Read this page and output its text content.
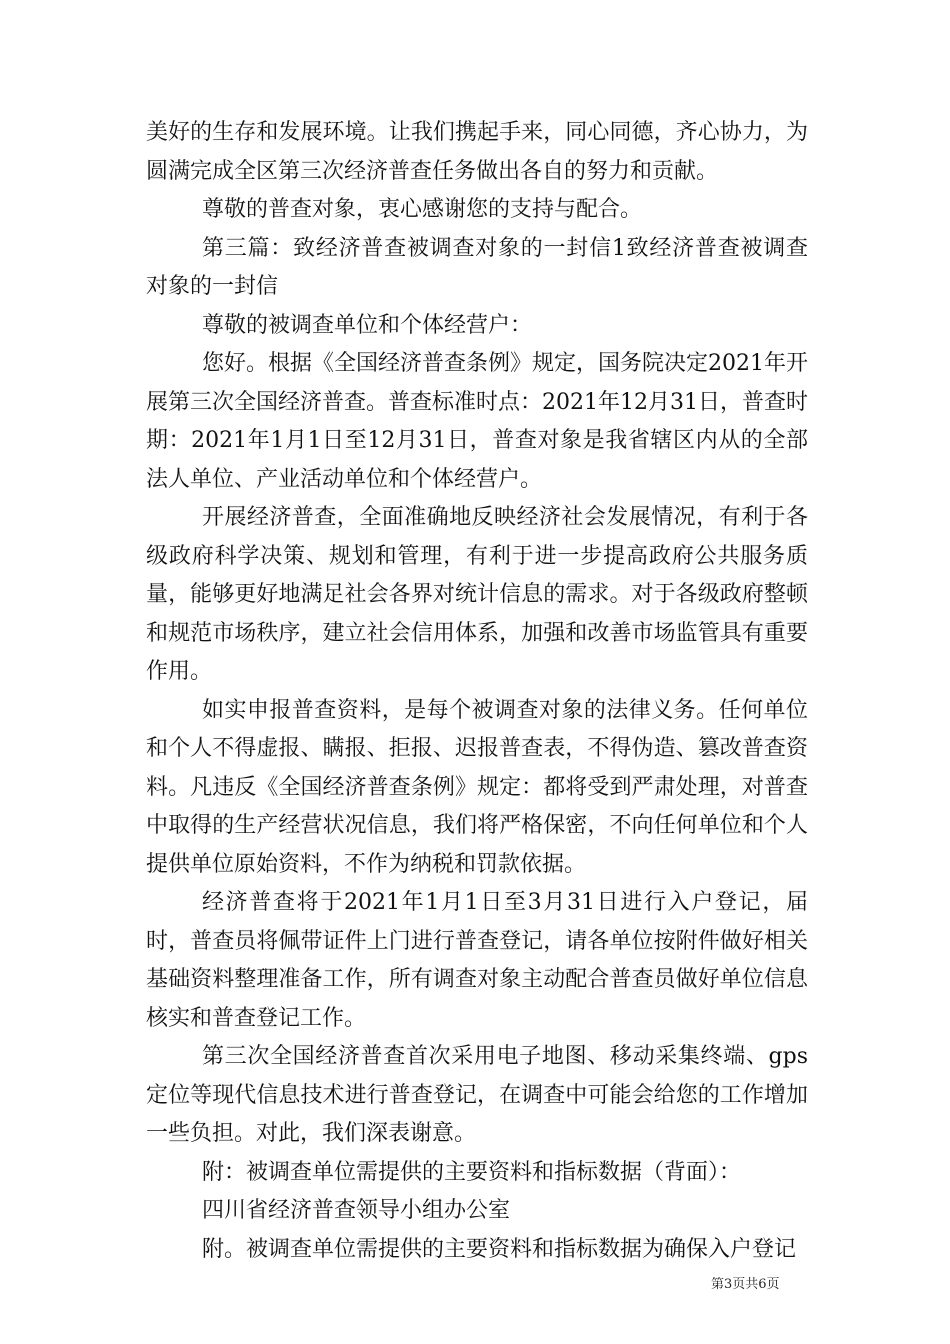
美好的生存和发展环境。让我们携起手来，同心同德，齐心协力，为圆满完成全区第三次经济普查任务做出各自的努力和贡献。

尊敬的普查对象，衷心感谢您的支持与配合。

第三篇：致经济普查被调查对象的一封信1致经济普查被调查对象的一封信

尊敬的被调查单位和个体经营户：

您好。根据《全国经济普查条例》规定，国务院决定2021年开展第三次全国经济普查。普查标准时点：2021年12月31日，普查时期：2021年1月1日至12月31日，普查对象是我省辖区内从的全部法人单位、产业活动单位和个体经营户。

开展经济普查，全面准确地反映经济社会发展情况，有利于各级政府科学决策、规划和管理，有利于进一步提高政府公共服务质量，能够更好地满足社会各界对统计信息的需求。对于各级政府整顿和规范市场秩序，建立社会信用体系，加强和改善市场监管具有重要作用。

如实申报普查资料，是每个被调查对象的法律义务。任何单位和个人不得虚报、瞒报、拒报、迟报普查表，不得伪造、篡改普查资料。凡违反《全国经济普查条例》规定：都将受到严肃处理，对普查中取得的生产经营状况信息，我们将严格保密，不向任何单位和个人提供单位原始资料，不作为纳税和罚款依据。

经济普查将于2021年1月1日至3月31日进行入户登记，届时，普查员将佩带证件上门进行普查登记，请各单位按附件做好相关基础资料整理准备工作，所有调查对象主动配合普查员做好单位信息核实和普查登记工作。

第三次全国经济普查首次采用电子地图、移动采集终端、gps定位等现代信息技术进行普查登记，在调查中可能会给您的工作增加一些负担。对此，我们深表谢意。

附：被调查单位需提供的主要资料和指标数据（背面）：

四川省经济普查领导小组办公室

附。被调查单位需提供的主要资料和指标数据为确保入户登记

第3页共6页
